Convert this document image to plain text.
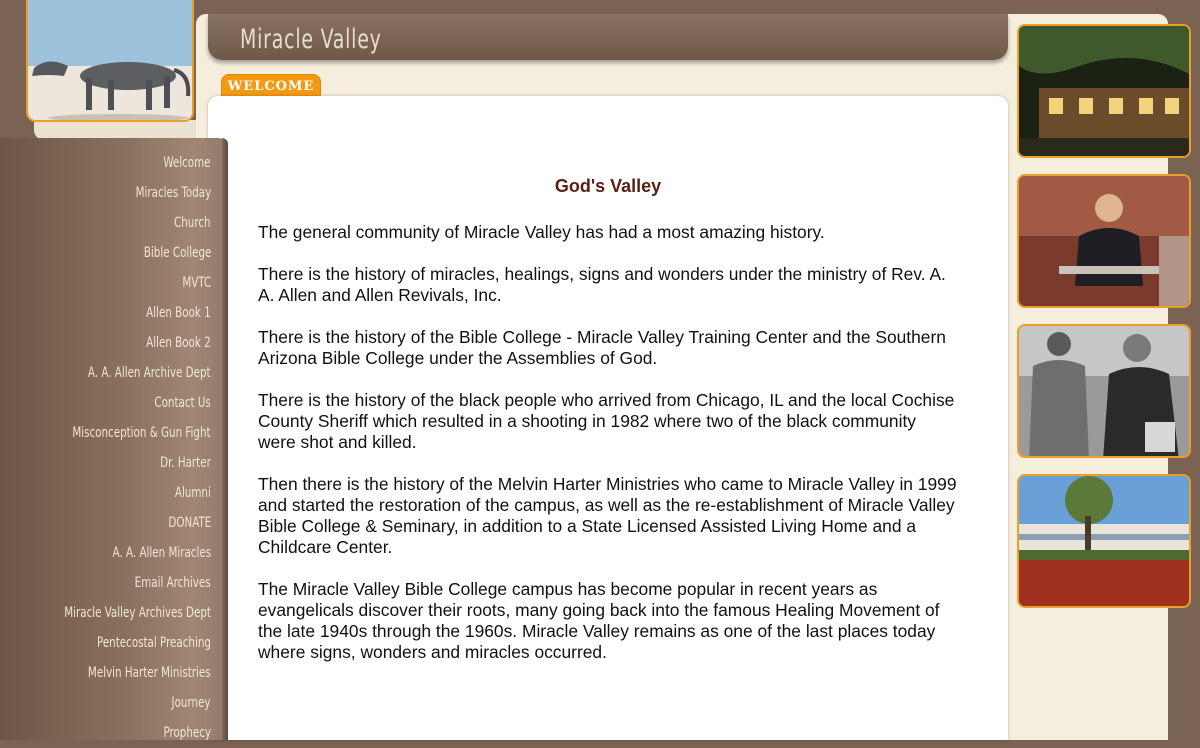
Miracle Valley
WELCOME
God's Valley

The general community of Miracle Valley has had a most amazing history.

There is the history of miracles, healings, signs and wonders under the ministry of Rev. A. A. Allen and Allen Revivals, Inc.

There is the history of the Bible College - Miracle Valley Training Center and the Southern Arizona Bible College under the Assemblies of God.

There is the history of the black people who arrived from Chicago, IL and the local Cochise County Sheriff which resulted in a shooting in 1982 where two of the black community were shot and killed.

Then there is the history of the Melvin Harter Ministries who came to Miracle Valley in 1999 and started the restoration of the campus, as well as the re-establishment of Miracle Valley Bible College & Seminary, in addition to a State Licensed Assisted Living Home and a Childcare Center.

The Miracle Valley Bible College campus has become popular in recent years as evangelicals discover their roots, many going back into the famous Healing Movement of the late 1940s through the 1960s. Miracle Valley remains as one of the last places today where signs, wonders and miracles occurred.

Welcome
Miracles Today
Church
Bible College
MVTC
Allen Book 1
Allen Book 2
A. A. Allen Archive Dept
Contact Us
Misconception & Gun Fight
Dr. Harter
Alumni
DONATE
A. A. Allen Miracles
Email Archives
Miracle Valley Archives Dept
Pentecostal Preaching
Melvin Harter Ministries
Journey
Prophecy
